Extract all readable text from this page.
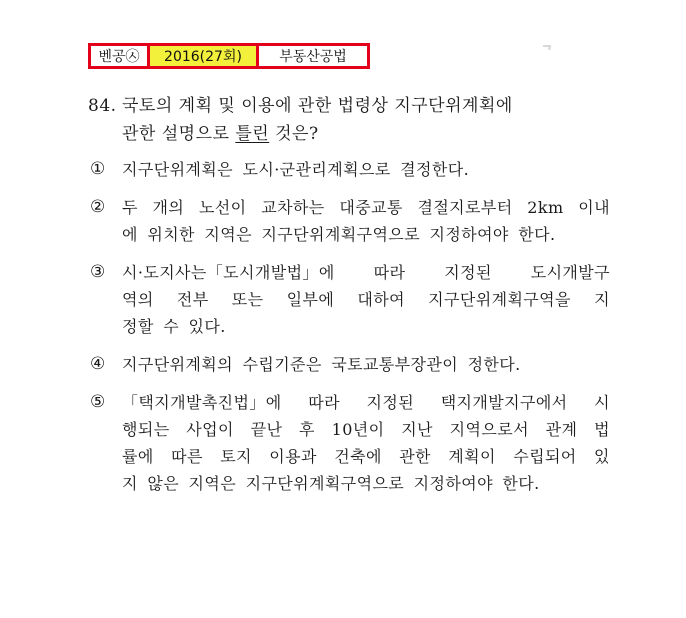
벤공㉦	2016(27회)	부동산공법
84. 국토의 계획 및 이용에 관한 법령상 지구단위계획에
관한 설명으로 틀린 것은?
①	지구단위계획은 도시·군관리계획으로 결정한다.
②	두 개의 노선이 교차하는 대중교통 결절지로부터 2km 이내
에 위치한 지역은 지구단위계획구역으로 지정하여야 한다.
③	시·도지사는「도시개발법」에 따라 지정된 도시개발구
역의 전부 또는 일부에 대하여 지구단위계획구역을 지
정할 수 있다.
④	지구단위계획의 수립기준은 국토교통부장관이 정한다.
⑤	「택지개발촉진법」에 따라 지정된 택지개발지구에서 시
행되는 사업이 끝난 후 10년이 지난 지역으로서 관계 법
률에 따른 토지 이용과 건축에 관한 계획이 수립되어 있
지 않은 지역은 지구단위계획구역으로 지정하여야 한다.
